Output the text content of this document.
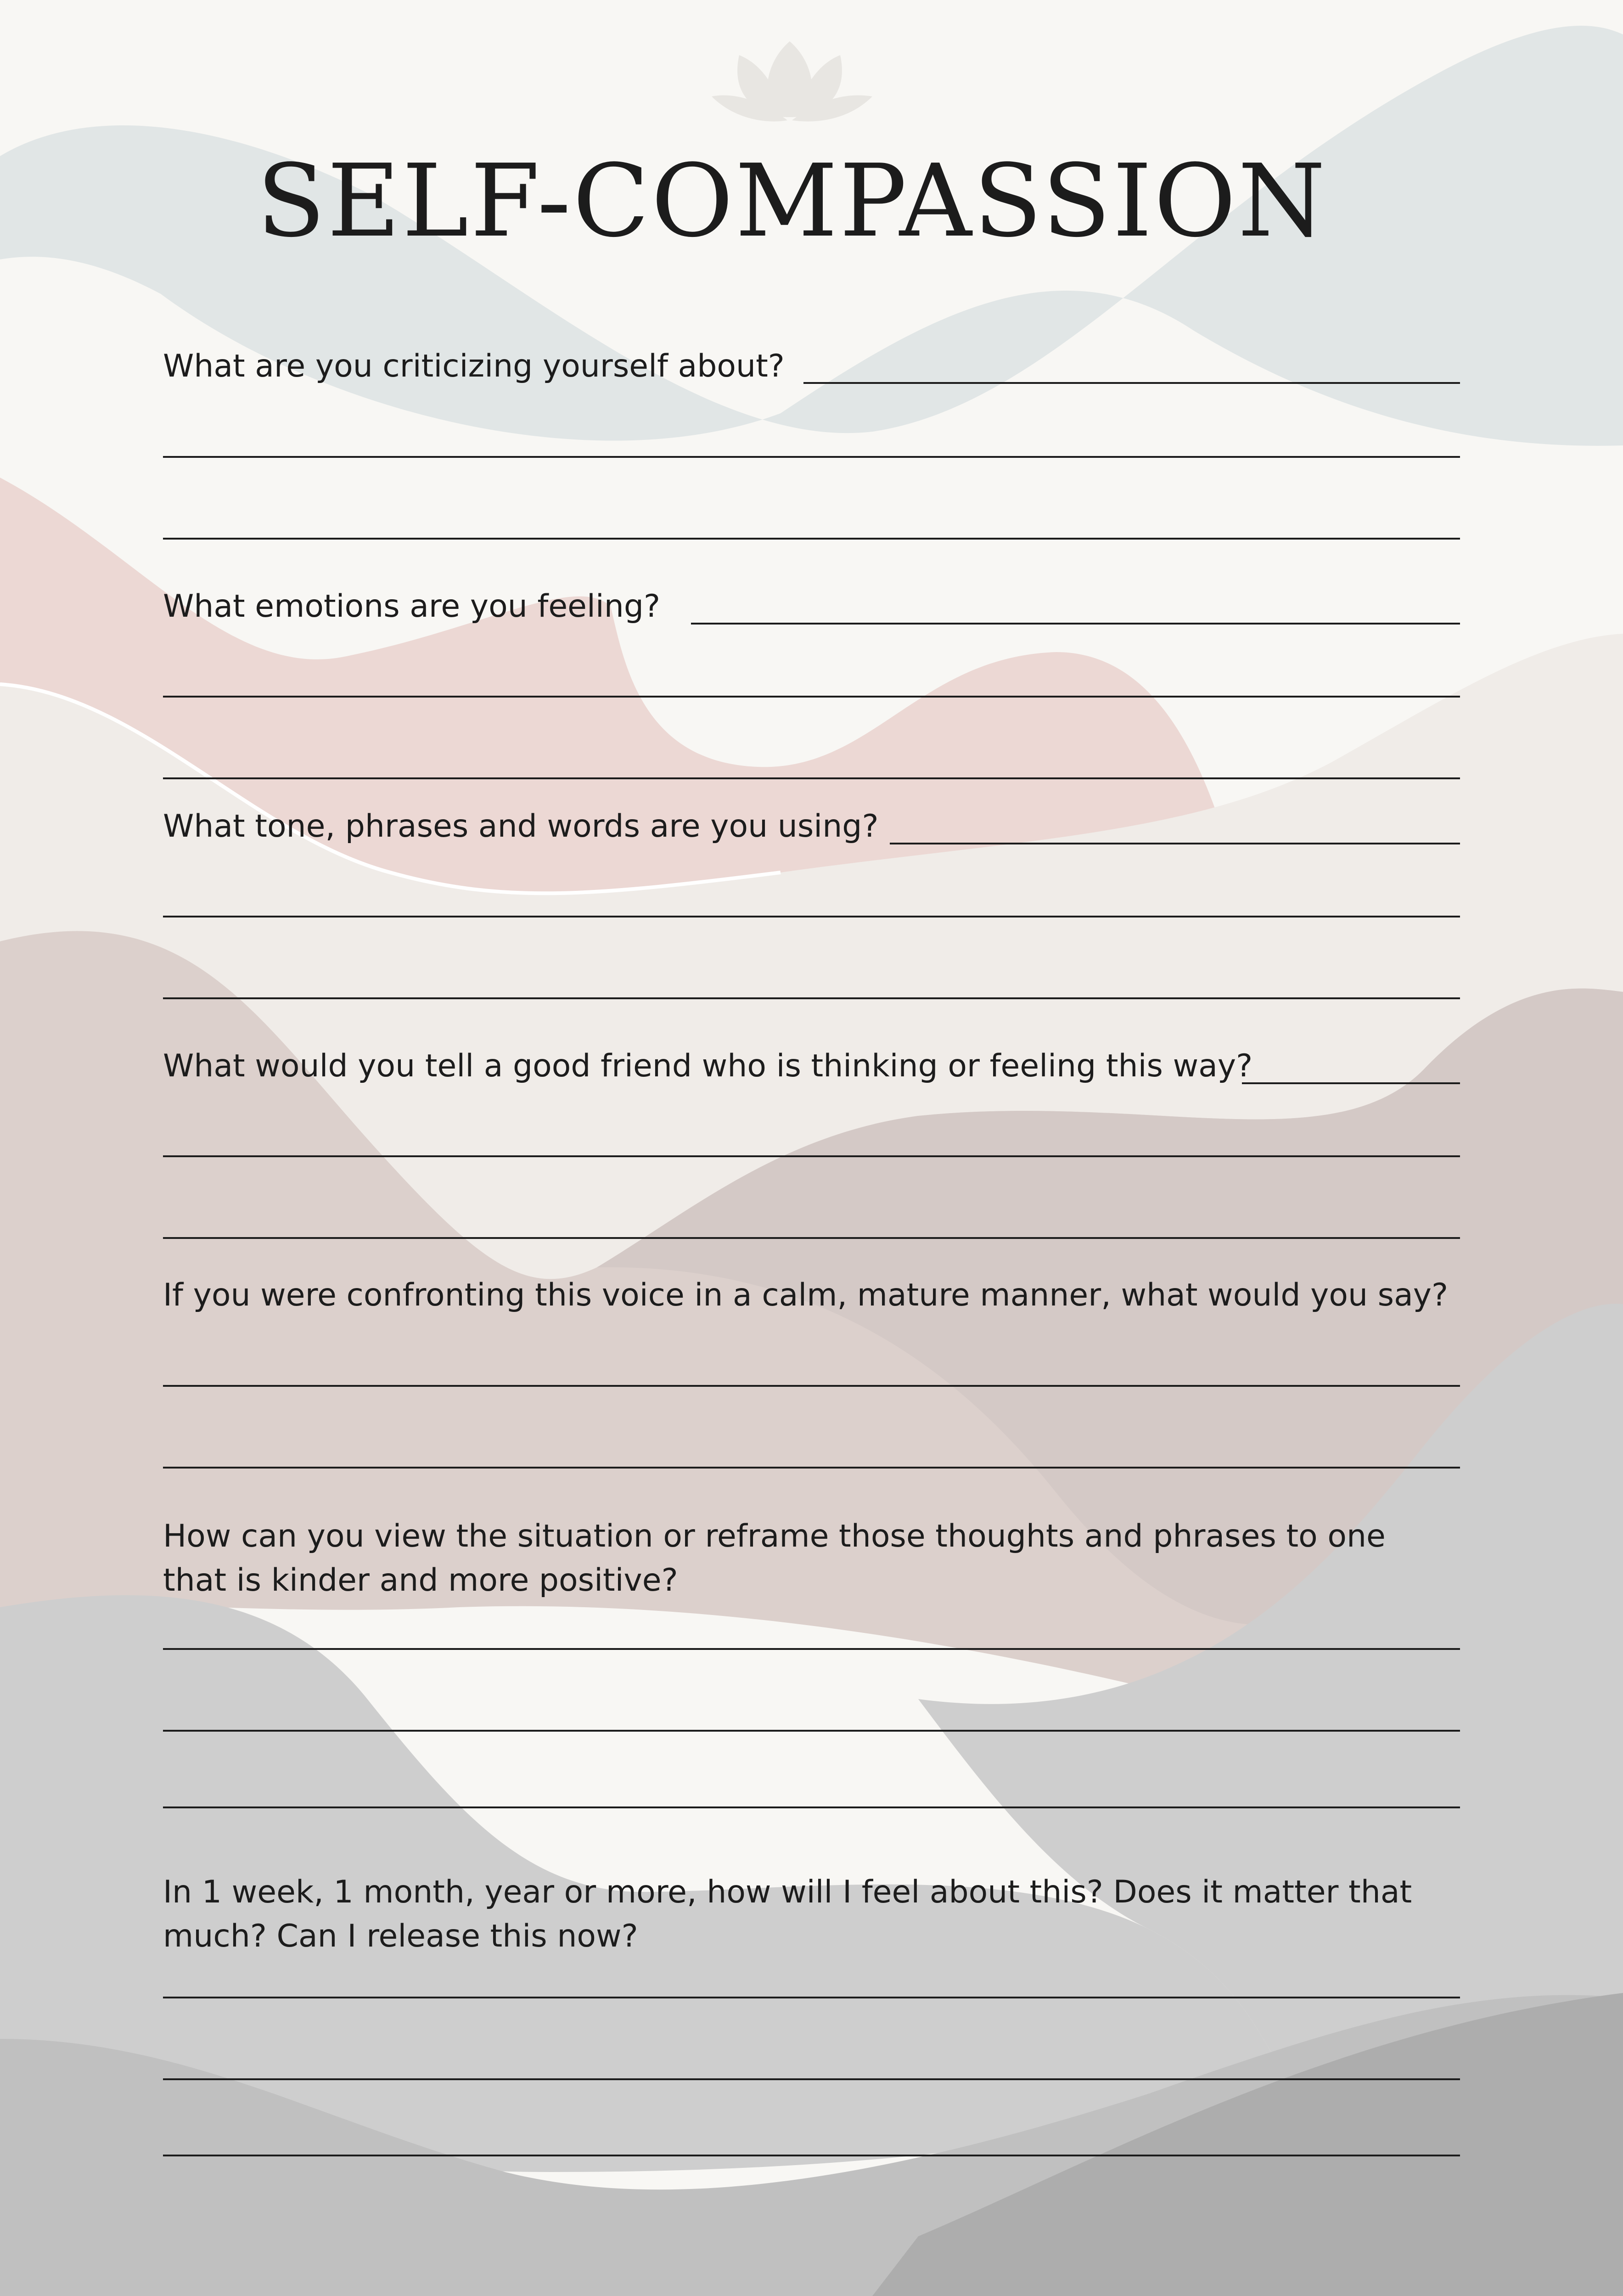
SELF-COMPASSION

What are you criticizing yourself about?

What emotions are you feeling?

What tone, phrases and words are you using?

What would you tell a good friend who is thinking or feeling this way?

If you were confronting this voice in a calm, mature manner, what would you say?

How can you view the situation or reframe those thoughts and phrases to one that is kinder and more positive?

In 1 week, 1 month, year or more, how will I feel about this? Does it matter that much? Can I release this now?
